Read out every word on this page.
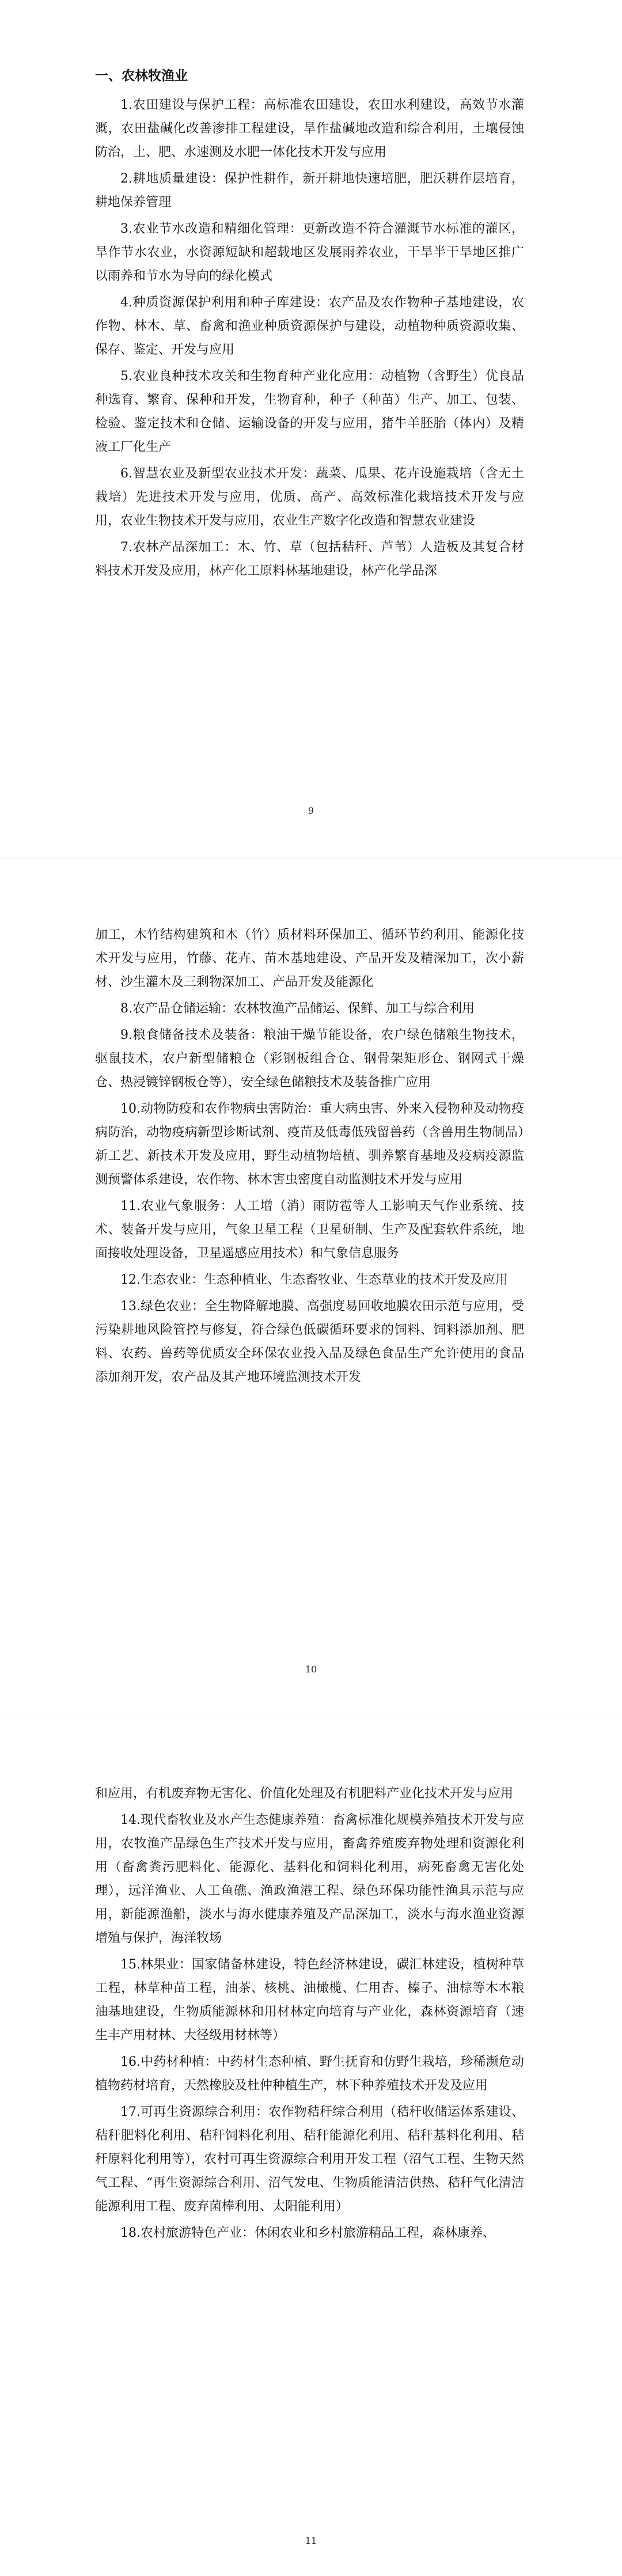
一、农林牧渔业

1.农田建设与保护工程：高标准农田建设，农田水利建设，高效节水灌溉，农田盐碱化改善渗排工程建设，旱作盐碱地改造和综合利用，土壤侵蚀防治，土、肥、水速测及水肥一体化技术开发与应用

2.耕地质量建设：保护性耕作，新开耕地快速培肥，肥沃耕作层培育，耕地保养管理

3.农业节水改造和精细化管理：更新改造不符合灌溉节水标准的灌区，旱作节水农业，水资源短缺和超载地区发展雨养农业，干旱半干旱地区推广以雨养和节水为导向的绿化模式

4.种质资源保护利用和种子库建设：农产品及农作物种子基地建设，农作物、林木、草、畜禽和渔业种质资源保护与建设，动植物种质资源收集、保存、鉴定、开发与应用

5.农业良种技术攻关和生物育种产业化应用：动植物（含野生）优良品种选育、繁育、保种和开发，生物育种，种子（种苗）生产、加工、包装、检验、鉴定技术和仓储、运输设备的开发与应用，猪牛羊胚胎（体内）及精液工厂化生产

6.智慧农业及新型农业技术开发：蔬菜、瓜果、花卉设施栽培（含无土栽培）先进技术开发与应用，优质、高产、高效标准化栽培技术开发与应用，农业生物技术开发与应用，农业生产数字化改造和智慧农业建设

7.农林产品深加工：木、竹、草（包括秸秆、芦苇）人造板及其复合材料技术开发及应用，林产化工原料林基地建设，林产化学品深

9

加工，木竹结构建筑和木（竹）质材料环保加工、循环节约利用、能源化技术开发与应用，竹藤、花卉、苗木基地建设、产品开发及精深加工，次小薪材、沙生灌木及三剩物深加工、产品开发及能源化

8.农产品仓储运输：农林牧渔产品储运、保鲜、加工与综合利用

9.粮食储备技术及装备：粮油干燥节能设备，农户绿色储粮生物技术，驱鼠技术，农户新型储粮仓（彩钢板组合仓、钢骨架矩形仓、钢网式干燥仓、热浸镀锌钢板仓等），安全绿色储粮技术及装备推广应用

10.动物防疫和农作物病虫害防治：重大病虫害、外来入侵物种及动物疫病防治，动物疫病新型诊断试剂、疫苗及低毒低残留兽药（含兽用生物制品）新工艺、新技术开发及应用，野生动植物培植、驯养繁育基地及疫病疫源监测预警体系建设，农作物、林木害虫密度自动监测技术开发与应用

11.农业气象服务：人工增（消）雨防雹等人工影响天气作业系统、技术、装备开发与应用，气象卫星工程（卫星研制、生产及配套软件系统，地面接收处理设备，卫星遥感应用技术）和气象信息服务

12.生态农业：生态种植业、生态畜牧业、生态草业的技术开发及应用

13.绿色农业：全生物降解地膜、高强度易回收地膜农田示范与应用，受污染耕地风险管控与修复，符合绿色低碳循环要求的饲料、饲料添加剂、肥料、农药、兽药等优质安全环保农业投入品及绿色食品生产允许使用的食品添加剂开发，农产品及其产地环境监测技术开发

10

和应用，有机废弃物无害化、价值化处理及有机肥料产业化技术开发与应用

14.现代畜牧业及水产生态健康养殖：畜禽标准化规模养殖技术开发与应用，农牧渔产品绿色生产技术开发与应用，畜禽养殖废弃物处理和资源化利用（畜禽粪污肥料化、能源化、基料化和饲料化利用，病死畜禽无害化处理），远洋渔业、人工鱼礁、渔政渔港工程、绿色环保功能性渔具示范与应用，新能源渔船，淡水与海水健康养殖及产品深加工，淡水与海水渔业资源增殖与保护，海洋牧场

15.林果业：国家储备林建设，特色经济林建设，碳汇林建设，植树种草工程，林草种苗工程，油茶、核桃、油橄榄、仁用杏、榛子、油棕等木本粮油基地建设，生物质能源林和用材林定向培育与产业化，森林资源培育（速生丰产用材林、大径级用材林等）

16.中药材种植：中药材生态种植、野生抚育和仿野生栽培，珍稀濒危动植物药材培育，天然橡胶及杜仲种植生产，林下种养殖技术开发及应用

17.可再生资源综合利用：农作物秸秆综合利用（秸秆收储运体系建设、秸秆肥料化利用、秸秆饲料化利用、秸秆能源化利用、秸秆基料化利用、秸秆原料化利用等），农村可再生资源综合利用开发工程（沼气工程、生物天然气工程、“再生资源综合利用、沼气发电、生物质能清洁供热、秸秆气化清洁能源利用工程、废弃菌棒利用、太阳能利用）

18.农村旅游特色产业：休闲农业和乡村旅游精品工程，森林康养、

11
